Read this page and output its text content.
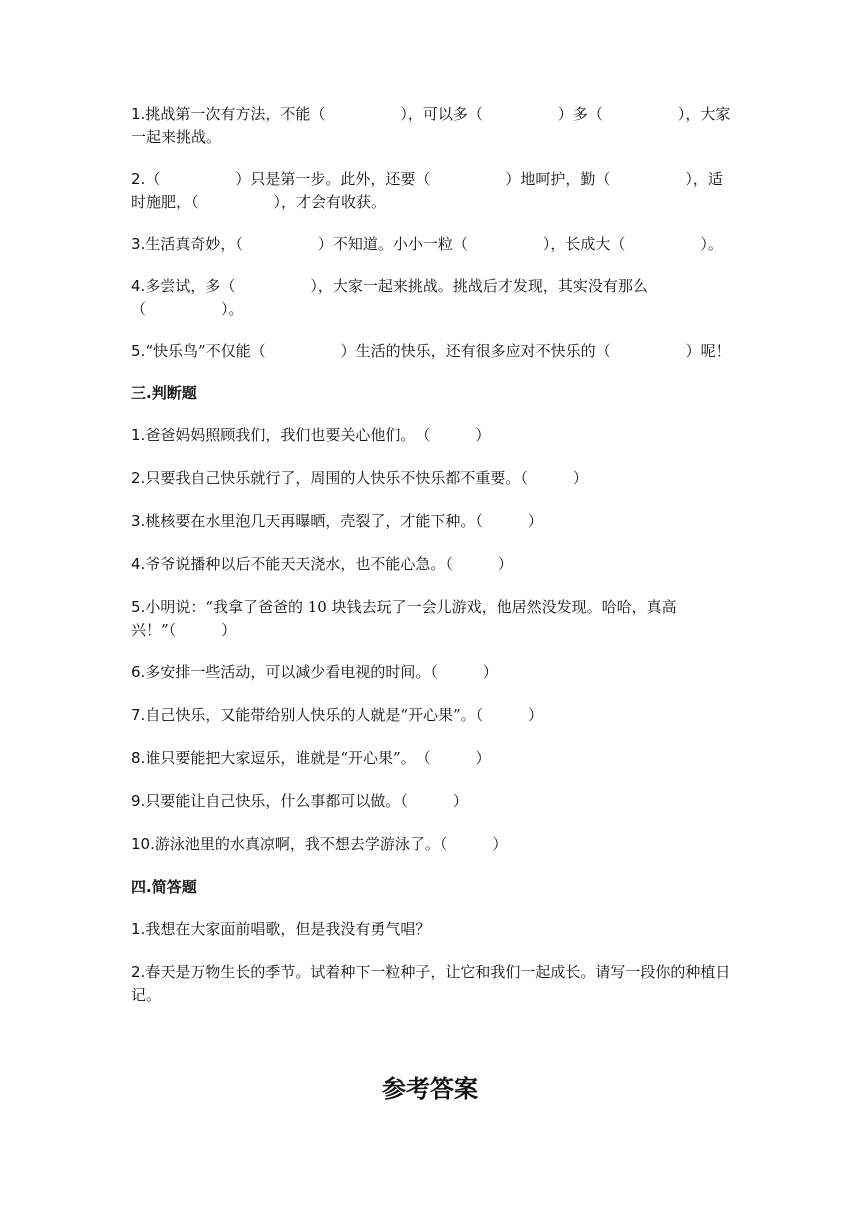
1.挑战第一次有方法，不能（　　　　　），可以多（　　　　　）多（　　　　　），大家一起来挑战。
2.（　　　　　）只是第一步。此外，还要（　　　　　）地呵护，勤（　　　　　），适时施肥，（　　　　　），才会有收获。
3.生活真奇妙，（　　　　　）不知道。小小一粒（　　　　　），长成大（　　　　　）。
4.多尝试，多（　　　　　），大家一起来挑战。挑战后才发现，其实没有那么（　　　　　）。
5.“快乐鸟”不仅能（　　　　　）生活的快乐，还有很多应对不快乐的（　　　　　）呢！
三.判断题
1.爸爸妈妈照顾我们，我们也要关心他们。　（　　　）
2.只要我自己快乐就行了，周围的人快乐不快乐都不重要。（　　　）
3.桃核要在水里泡几天再曝晒，壳裂了，才能下种。（　　　）
4.爷爷说播种以后不能天天浇水，也不能心急。（　　　）
5.小明说：“我拿了爸爸的 10 块钱去玩了一会儿游戏，他居然没发现。哈哈，真高兴！”（　　　）
6.多安排一些活动，可以减少看电视的时间。（　　　）
7.自己快乐，又能带给别人快乐的人就是“开心果”。（　　　）
8.谁只要能把大家逗乐，谁就是“开心果”。　（　　　）
9.只要能让自己快乐，什么事都可以做。（　　　）
10.游泳池里的水真凉啊，我不想去学游泳了。（　　　）
四.简答题
1.我想在大家面前唱歌，但是我没有勇气唱？
2.春天是万物生长的季节。试着种下一粒种子，让它和我们一起成长。请写一段你的种植日记。
参考答案
